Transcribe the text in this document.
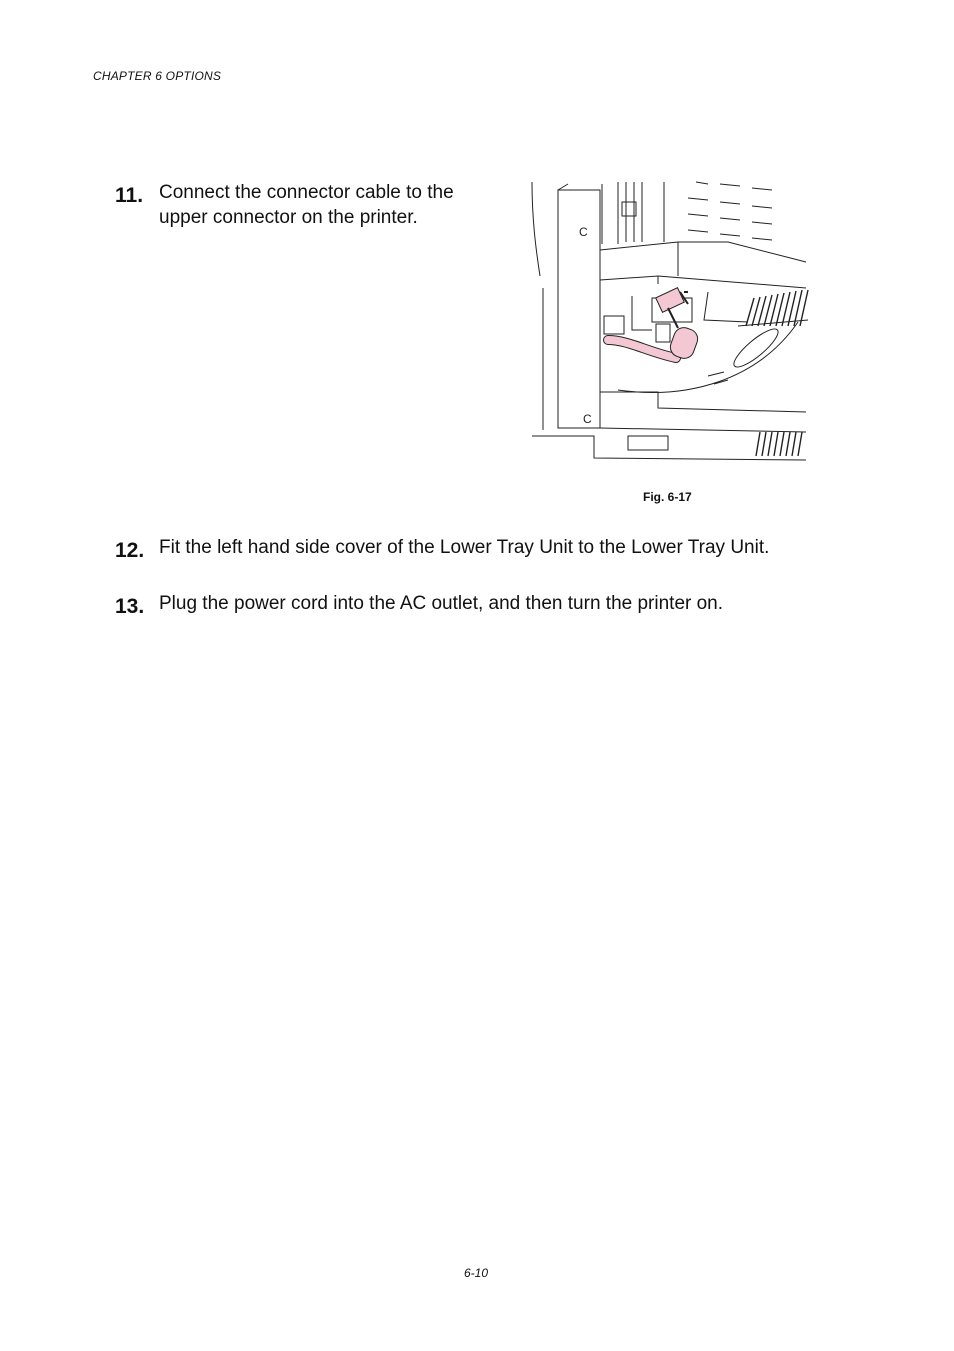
CHAPTER 6 OPTIONS
11. Connect the connector cable to the upper connector on the printer.
C
C
Fig. 6-17
12. Fit the left hand side cover of the Lower Tray Unit to the Lower Tray Unit.
13. Plug the power cord into the AC outlet, and then turn the printer on.
6-10
